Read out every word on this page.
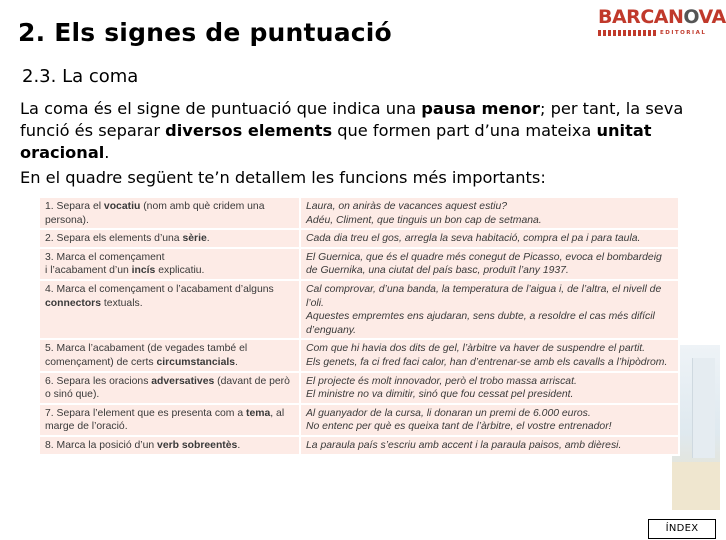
2. Els signes de puntuació
BARCANOVA
EDITORIAL
2.3. La coma
La coma és el signe de puntuació que indica una pausa menor; per tant, la seva funció és separar diversos elements que formen part d’una mateixa unitat oracional.
En el quadre següent te’n detallem les funcions més importants:
1. Separa el vocatiu (nom amb què cridem una persona).	Laura, on aniràs de vacances aquest estiu?
Adéu, Climent, que tinguis un bon cap de setmana.
2. Separa els elements d’una sèrie.	Cada dia treu el gos, arregla la seva habitació, compra el pa i para taula.
3. Marca el començament
i l’acabament d’un incís explicatiu.	El Guernica, que és el quadre més conegut de Picasso, evoca el bombardeig de Guernika, una ciutat del país basc, produït l’any 1937.
4. Marca el començament o l’acabament d’alguns connectors textuals.	Cal comprovar, d’una banda, la temperatura de l’aigua i, de l’altra, el nivell de l’oli.
Aquestes empremtes ens ajudaran, sens dubte, a resoldre el cas més difícil d’enguany.
5. Marca l’acabament (de vegades també el començament) de certs circumstancials.	Com que hi havia dos dits de gel, l’àrbitre va haver de suspendre el partit.
Els genets, fa ci fred faci calor, han d’entrenar-se amb els cavalls a l’hipòdrom.
6. Separa les oracions adversatives (davant de però o sinó que).	El projecte és molt innovador, però el trobo massa arriscat.
El ministre no va dimitir, sinó que fou cessat pel president.
7. Separa l’element que es presenta com a tema, al marge de l’oració.	Al guanyador de la cursa, li donaran un premi de 6.000 euros.
No entenc per què es queixa tant de l’àrbitre, el vostre entrenador!
8. Marca la posició d’un verb sobreentès.	La paraula país s’escriu amb accent i la paraula paisos, amb dièresi.
ÍNDEX
